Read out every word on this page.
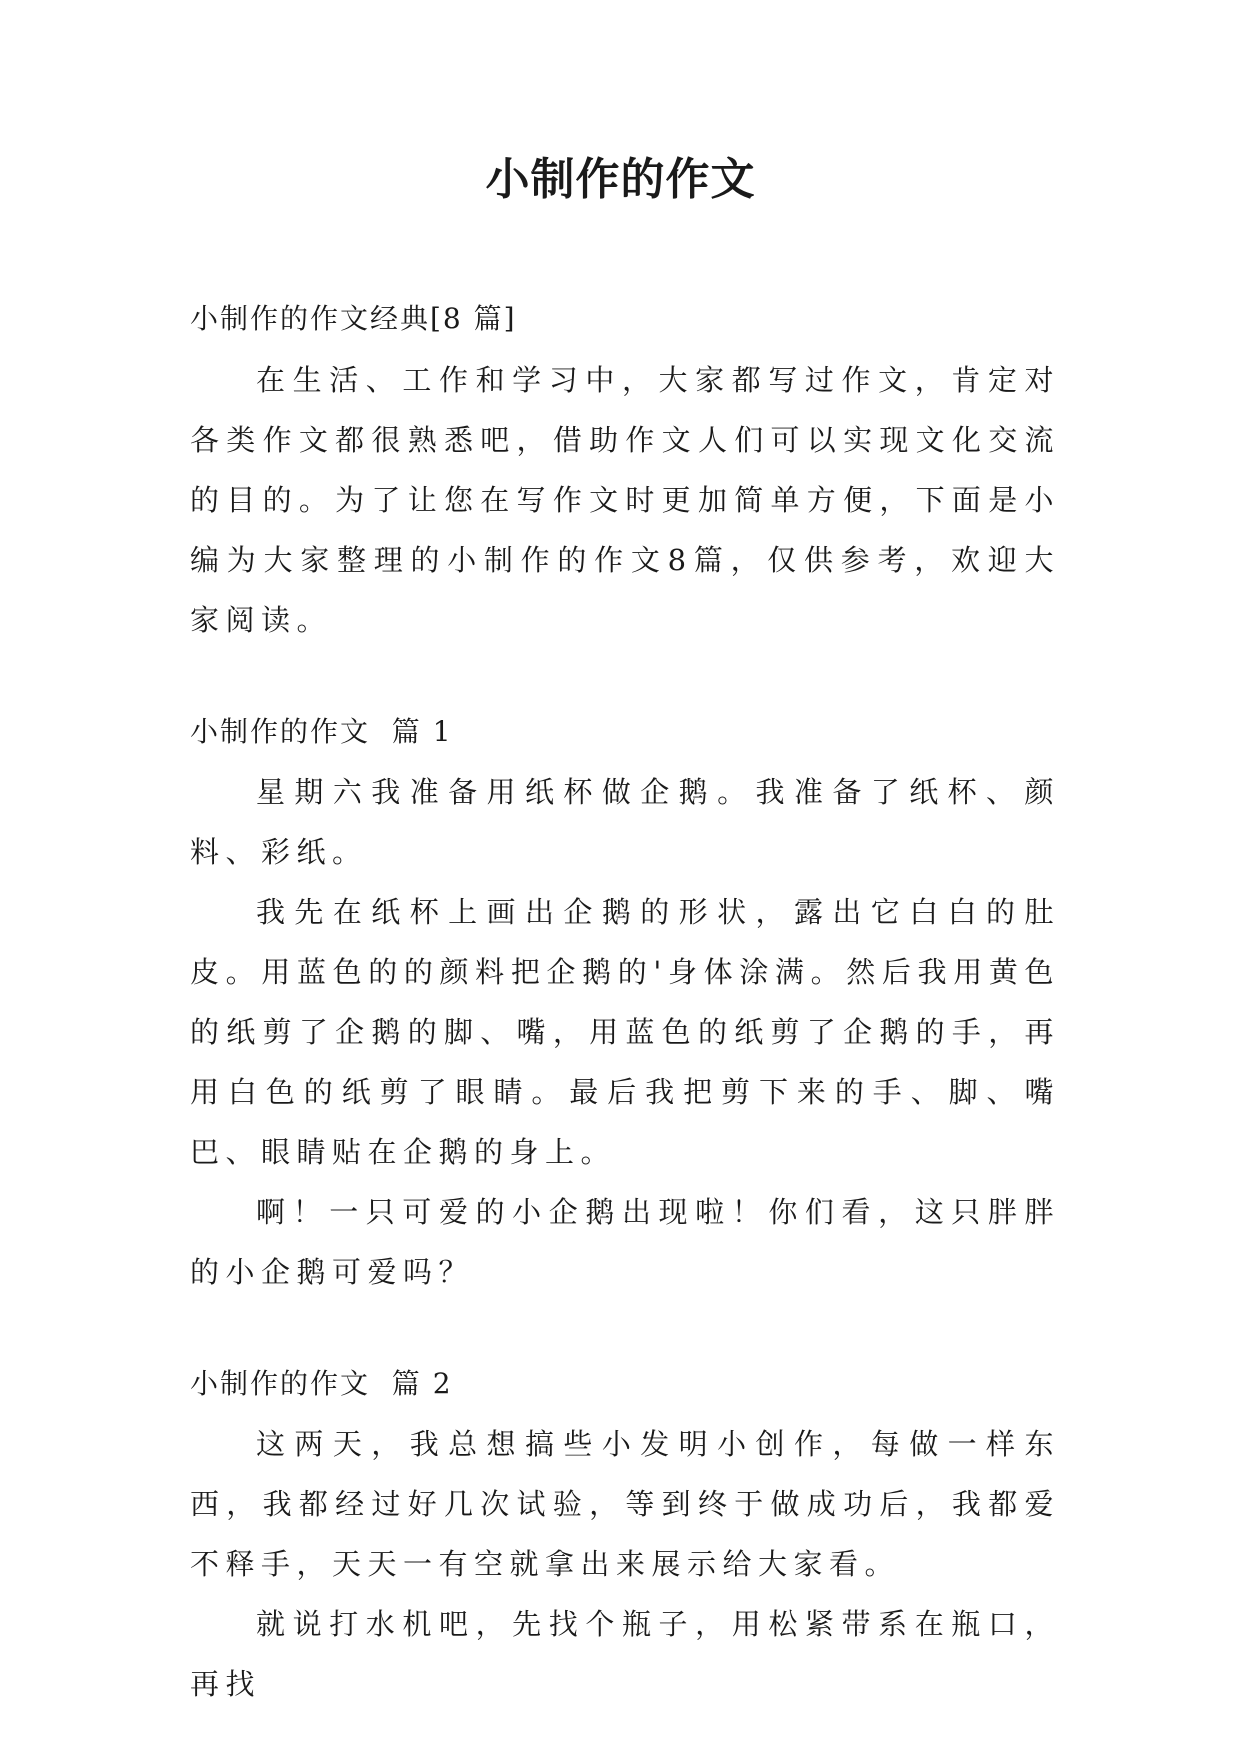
小制作的作文

小制作的作文经典[8 篇]

在生活、工作和学习中，大家都写过作文，肯定对各类作文都很熟悉吧，借助作文人们可以实现文化交流的目的。为了让您在写作文时更加简单方便，下面是小编为大家整理的小制作的作文8篇，仅供参考，欢迎大家阅读。

小制作的作文  篇 1

星期六我准备用纸杯做企鹅。我准备了纸杯、颜料、彩纸。

我先在纸杯上画出企鹅的形状，露出它白白的肚皮。用蓝色的的颜料把企鹅的'身体涂满。然后我用黄色的纸剪了企鹅的脚、嘴，用蓝色的纸剪了企鹅的手，再用白色的纸剪了眼睛。最后我把剪下来的手、脚、嘴巴、眼睛贴在企鹅的身上。

啊！一只可爱的小企鹅出现啦！你们看，这只胖胖的小企鹅可爱吗？

小制作的作文  篇 2

这两天，我总想搞些小发明小创作，每做一样东西，我都经过好几次试验，等到终于做成功后，我都爱不释手，天天一有空就拿出来展示给大家看。

就说打水机吧，先找个瓶子，用松紧带系在瓶口，再找
